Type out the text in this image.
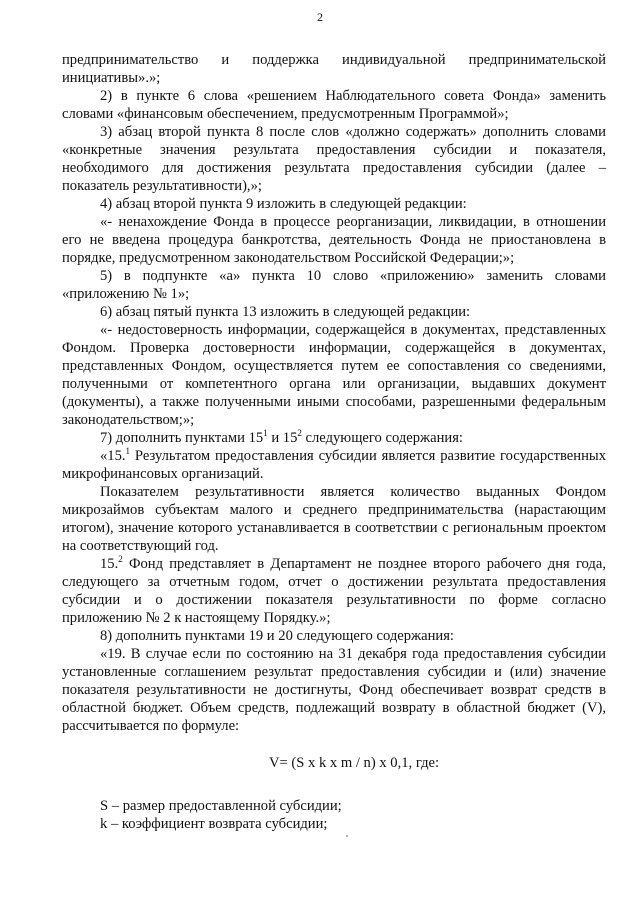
2

предпринимательство и поддержка индивидуальной предпринимательской инициативы».»;

2) в пункте 6 слова «решением Наблюдательного совета Фонда» заменить словами «финансовым обеспечением, предусмотренным Программой»;

3) абзац второй пункта 8 после слов «должно содержать» дополнить словами «конкретные значения результата предоставления субсидии и показателя, необходимого для достижения результата предоставления субсидии (далее – показатель результативности),»;

4) абзац второй пункта 9 изложить в следующей редакции:

«- ненахождение Фонда в процессе реорганизации, ликвидации, в отношении его не введена процедура банкротства, деятельность Фонда не приостановлена в порядке, предусмотренном законодательством Российской Федерации;»;

5) в подпункте «а» пункта 10 слово «приложению» заменить словами «приложению № 1»;

6) абзац пятый пункта 13 изложить в следующей редакции:

«- недостоверность информации, содержащейся в документах, представленных Фондом. Проверка достоверности информации, содержащейся в документах, представленных Фондом, осуществляется путем ее сопоставления со сведениями, полученными от компетентного органа или организации, выдавших документ (документы), а также полученными иными способами, разрешенными федеральным законодательством;»;

7) дополнить пунктами $15^1$ и $15^2$ следующего содержания:

«15.$^1$ Результатом предоставления субсидии является развитие государственных микрофинансовых организаций.

Показателем результативности является количество выданных Фондом микрозаймов субъектам малого и среднего предпринимательства (нарастающим итогом), значение которого устанавливается в соответствии с региональным проектом на соответствующий год.

15.$^2$ Фонд представляет в Департамент не позднее второго рабочего дня года, следующего за отчетным годом, отчет о достижении результата предоставления субсидии и о достижении показателя результативности по форме согласно приложению № 2 к настоящему Порядку.»;

8) дополнить пунктами 19 и 20 следующего содержания:

«19. В случае если по состоянию на 31 декабря года предоставления субсидии установленные соглашением результат предоставления субсидии и (или) значение показателя результативности не достигнуты, Фонд обеспечивает возврат средств в областной бюджет. Объем средств, подлежащий возврату в областной бюджет (V), рассчитывается по формуле:

V= (S x k x m / n) x 0,1, где:

S – размер предоставленной субсидии;

k – коэффициент возврата субсидии;
